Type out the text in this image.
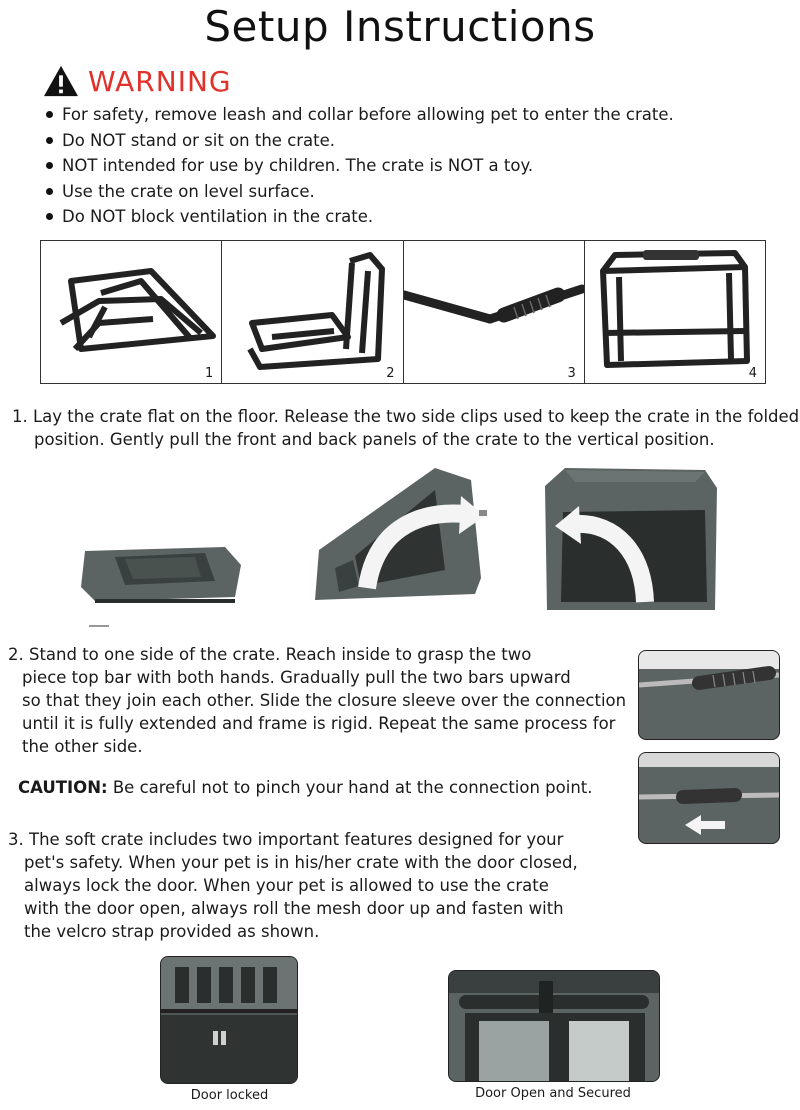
Setup Instructions
WARNING
For safety, remove leash and collar before allowing pet to enter the crate.
Do NOT stand or sit on the crate.
NOT intended for use by children. The crate is NOT a toy.
Use the crate on level surface.
Do NOT block ventilation in the crate.
1	2	3	4
1. Lay the crate flat on the floor. Release the two side clips used to keep the crate in the folded
position. Gently pull the front and back panels of the crate to the vertical position.
2. Stand to one side of the crate. Reach inside to grasp the two
piece top bar with both hands. Gradually pull the two bars upward
so that they join each other. Slide the closure sleeve over the connection
until it is fully extended and frame is rigid. Repeat the same process for
the other side.
CAUTION: Be careful not to pinch your hand at the connection point.
3. The soft crate includes two important features designed for your
pet's safety. When your pet is in his/her crate with the door closed,
always lock the door. When your pet is allowed to use the crate
with the door open, always roll the mesh door up and fasten with
the velcro strap provided as shown.
Door locked	Door Open and Secured
